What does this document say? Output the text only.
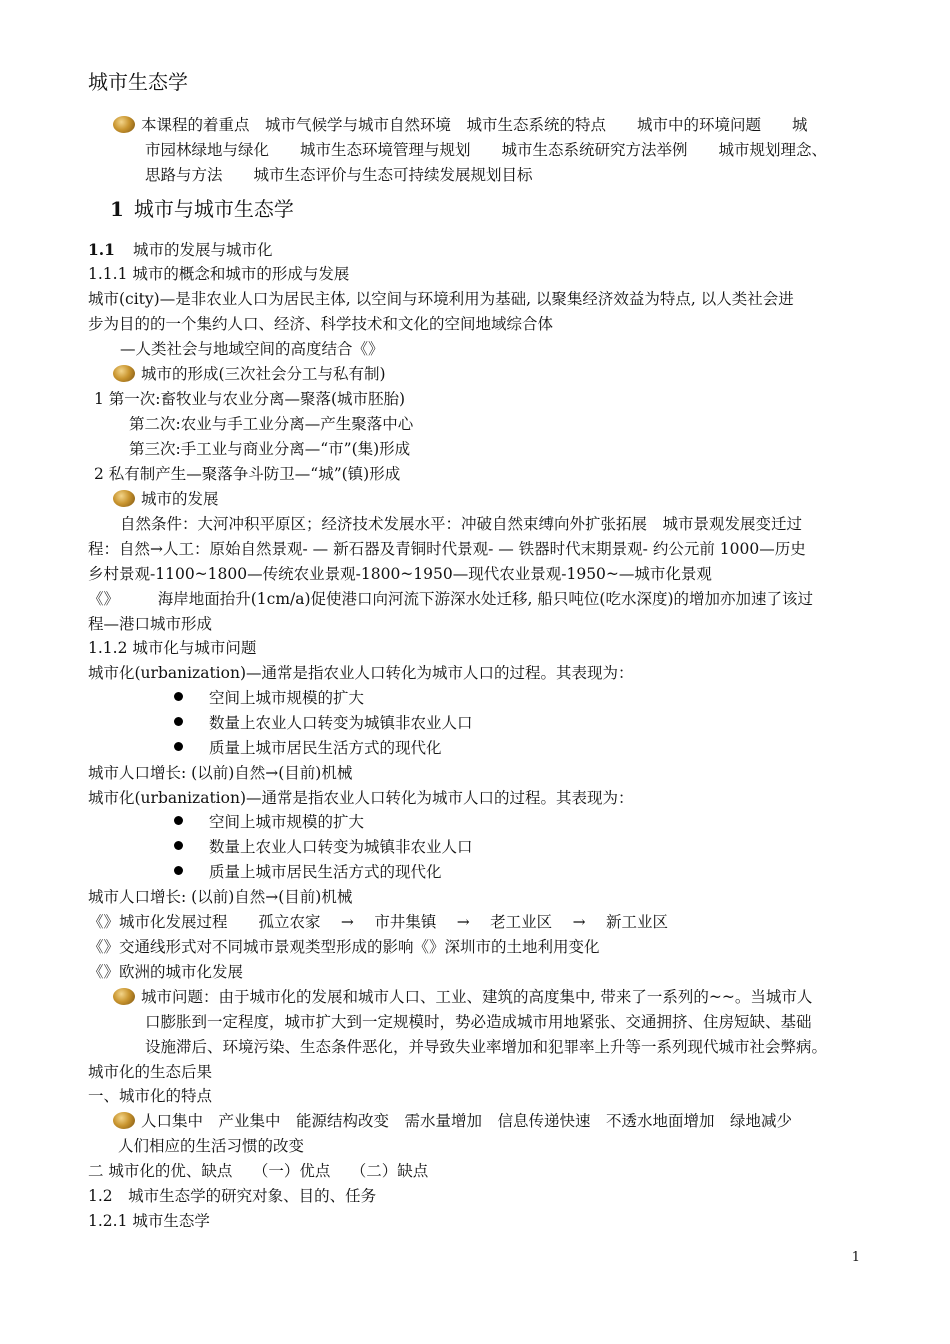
城市生态学
本课程的着重点　城市气候学与城市自然环境　城市生态系统的特点　　城市中的环境问题　　城
市园林绿地与绿化　　城市生态环境管理与规划　　城市生态系统研究方法举例　　城市规划理念、
思路与方法　　城市生态评价与生态可持续发展规划目标
1 城市与城市生态学
1.1 城市的发展与城市化
1.1.1 城市的概念和城市的形成与发展
城市(city)—是非农业人口为居民主体, 以空间与环境利用为基础, 以聚集经济效益为特点, 以人类社会进
步为目的的一个集约人口、经济、科学技术和文化的空间地域综合体
—人类社会与地域空间的高度结合《》
城市的形成(三次社会分工与私有制)
1 第一次:畜牧业与农业分离—聚落(城市胚胎)
第二次:农业与手工业分离—产生聚落中心
第三次:手工业与商业分离—“市”(集)形成
2 私有制产生—聚落争斗防卫—“城”(镇)形成
城市的发展
自然条件：大河冲积平原区；经济技术发展水平：冲破自然束缚向外扩张拓展　城市景观发展变迁过
程：自然→人工：原始自然景观- — 新石器及青铜时代景观- — 铁器时代末期景观- 约公元前 1000—历史
乡村景观-1100~1800—传统农业景观-1800~1950—现代农业景观-1950~—城市化景观
《》　　　海岸地面抬升(1cm/a)促使港口向河流下游深水处迁移, 船只吨位(吃水深度)的增加亦加速了该过
程—港口城市形成
1.1.2 城市化与城市问题
城市化(urbanization)—通常是指农业人口转化为城市人口的过程。其表现为：
空间上城市规模的扩大
数量上农业人口转变为城镇非农业人口
质量上城市居民生活方式的现代化
城市人口增长: (以前)自然→(目前)机械
城市化(urbanization)—通常是指农业人口转化为城市人口的过程。其表现为：
空间上城市规模的扩大
数量上农业人口转变为城镇非农业人口
质量上城市居民生活方式的现代化
城市人口增长: (以前)自然→(目前)机械
《》城市化发展过程　　孤立农家　 →　 市井集镇　 →　 老工业区　 →　 新工业区
《》交通线形式对不同城市景观类型形成的影响《》深圳市的土地利用变化
《》欧洲的城市化发展
城市问题：由于城市化的发展和城市人口、工业、建筑的高度集中, 带来了一系列的~~。当城市人
口膨胀到一定程度，城市扩大到一定规模时，势必造成城市用地紧张、交通拥挤、住房短缺、基础
设施滞后、环境污染、生态条件恶化，并导致失业率增加和犯罪率上升等一系列现代城市社会弊病。
城市化的生态后果
一、城市化的特点
人口集中　产业集中　能源结构改变　需水量增加　信息传递快速　不透水地面增加　绿地减少
人们相应的生活习惯的改变
二 城市化的优、缺点　 （一）优点　 （二）缺点
1.2　城市生态学的研究对象、目的、任务
1.2.1 城市生态学
1
